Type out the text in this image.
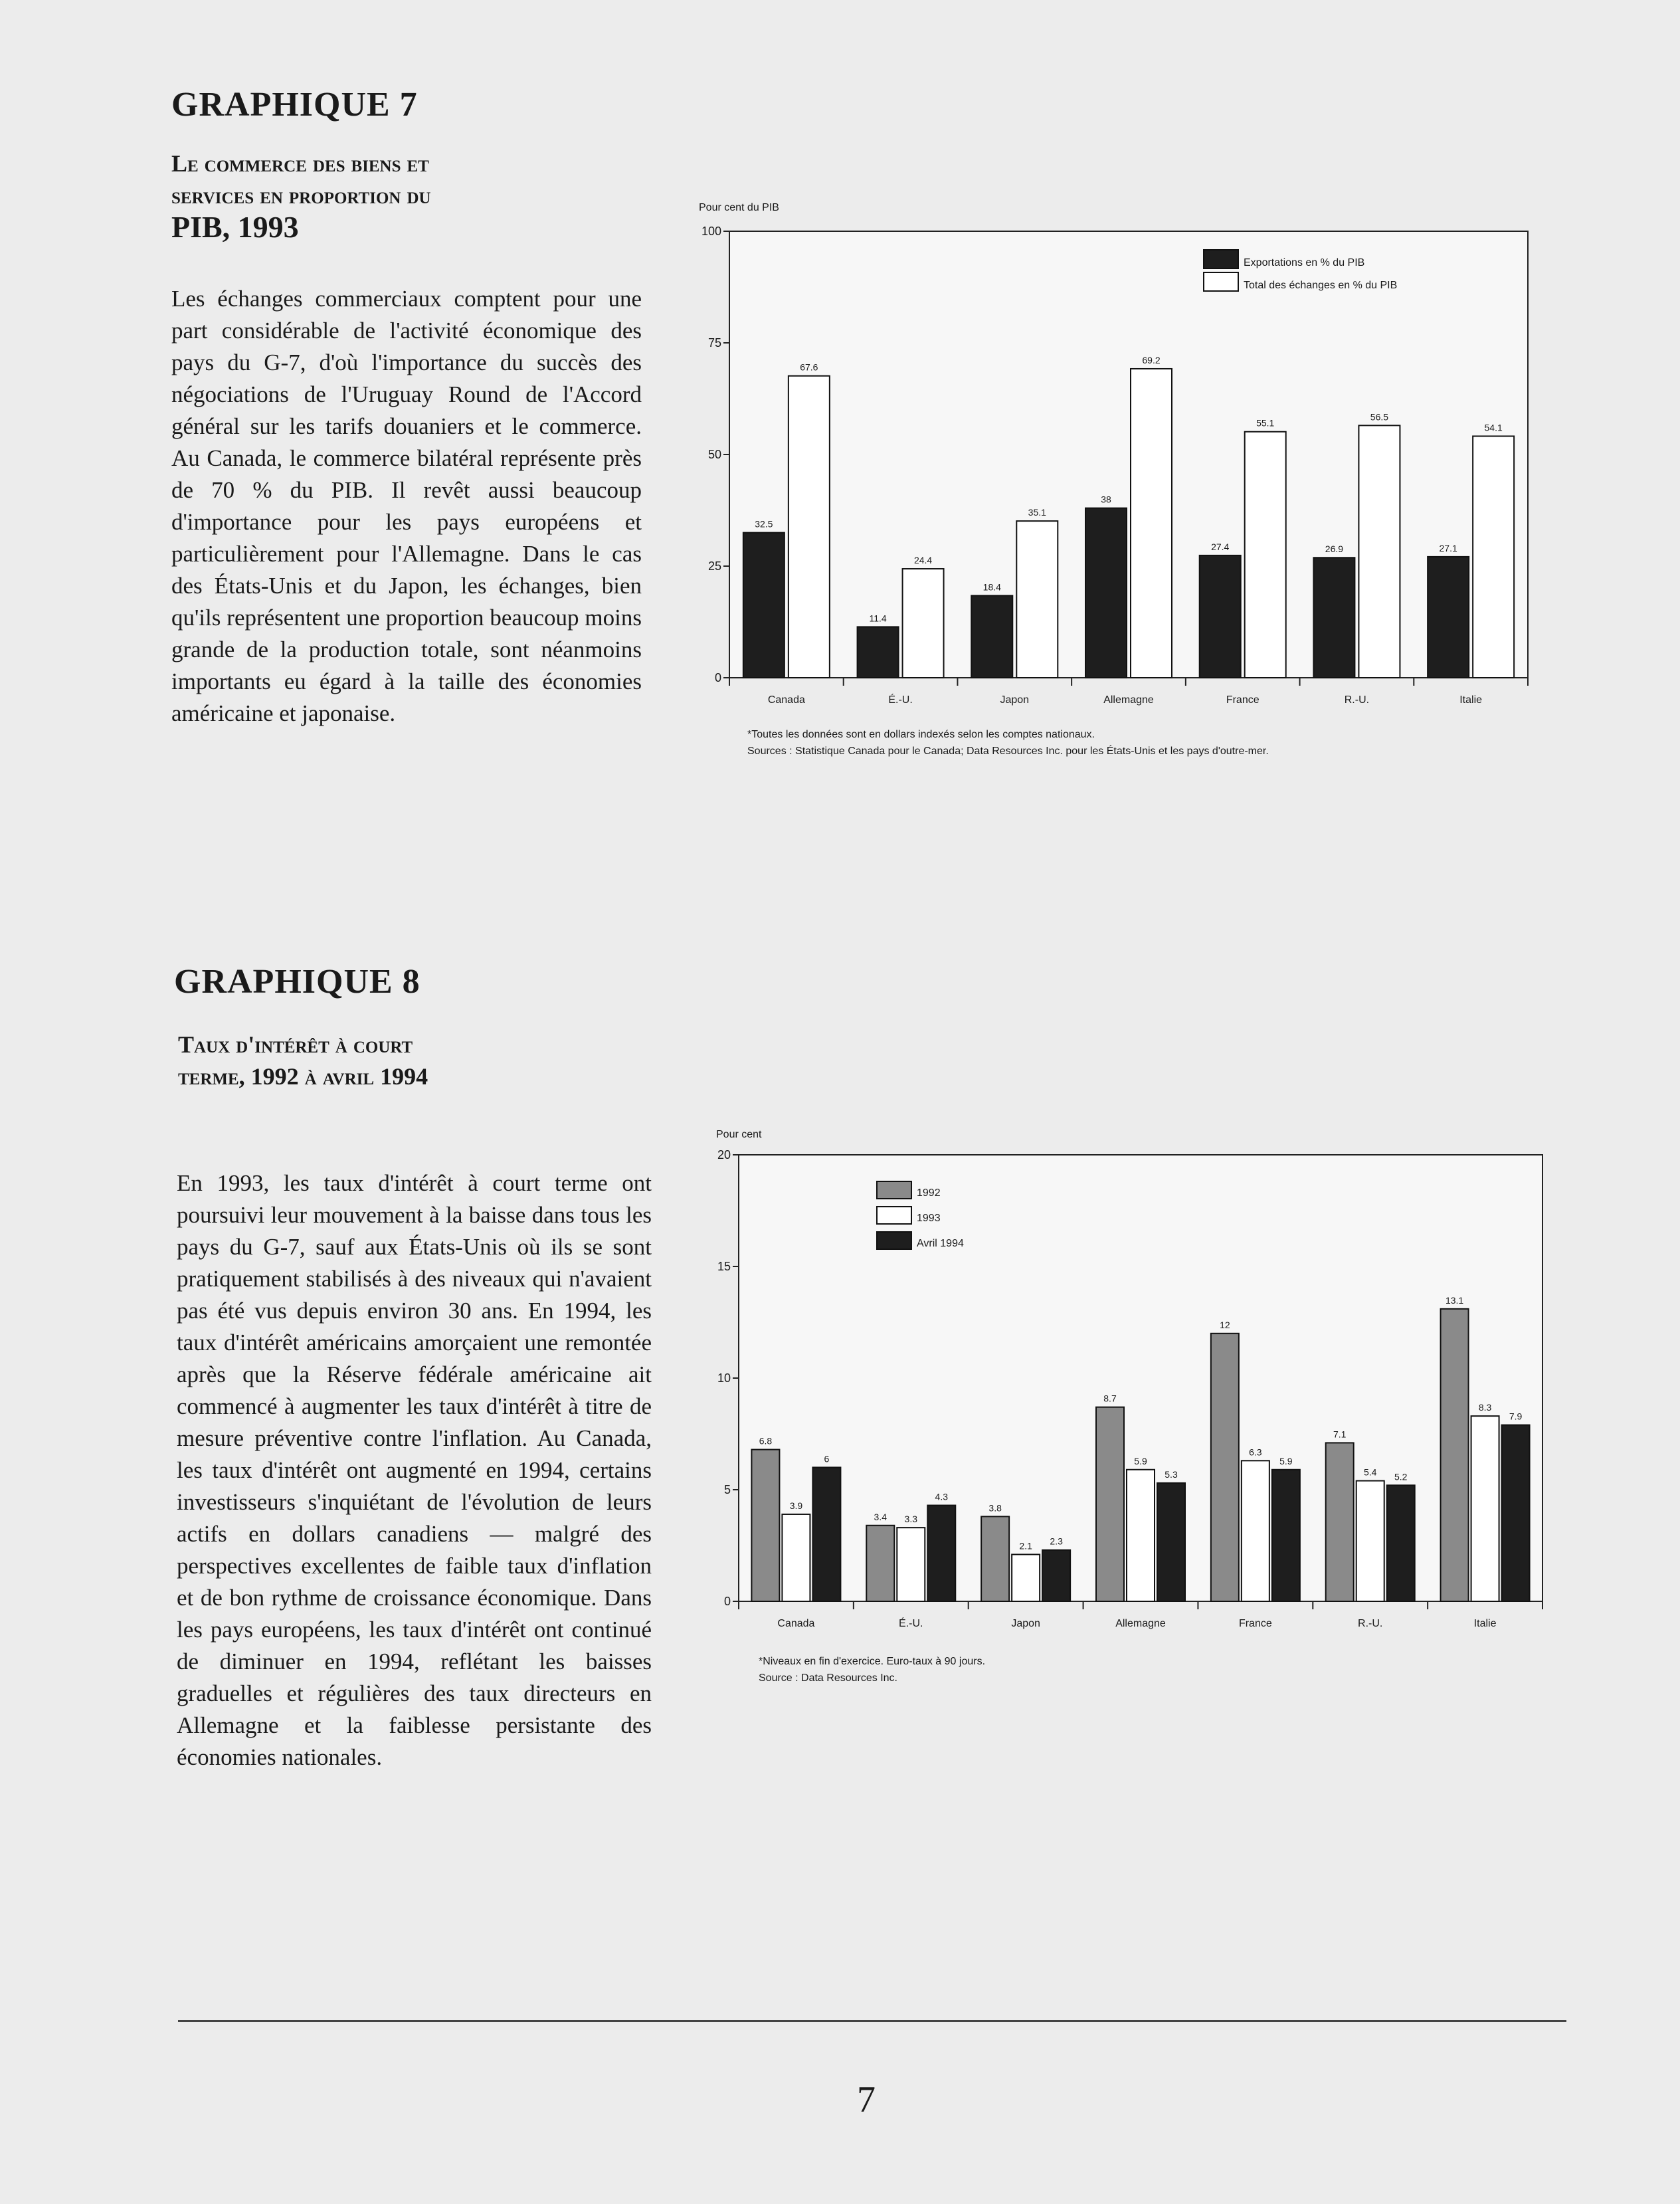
GRAPHIQUE 7
Le commerce des biens et
services en proportion du
PIB, 1993

Les échanges commerciaux comptent pour une part considérable de l'activité économique des pays du G-7, d'où l'importance du succès des négociations de l'Uruguay Round de l'Accord général sur les tarifs douaniers et le commerce. Au Canada, le commerce bilatéral représente près de 70 % du PIB. Il revêt aussi beaucoup d'importance pour les pays européens et particulièrement pour l'Allemagne. Dans le cas des États-Unis et du Japon, les échanges, bien qu'ils représentent une proportion beaucoup moins grande de la production totale, sont néanmoins importants eu égard à la taille des économies américaine et japonaise.

Pour cent du PIB
0
25
50
75
100
Canada
32.5
67.6
É.-U.
11.4
24.4
Japon
18.4
35.1
Allemagne
38
69.2
France
27.4
55.1
R.-U.
26.9
56.5
Italie
27.1
54.1
Exportations en % du PIB
Total des échanges en % du PIB
*Toutes les données sont en dollars indexés selon les comptes nationaux.
Sources : Statistique Canada pour le Canada; Data Resources Inc. pour les États-Unis et les pays d'outre-mer.
GRAPHIQUE 8
Taux d'intérêt à court
terme, 1992 à avril 1994

En 1993, les taux d'intérêt à court terme ont poursuivi leur mouvement à la baisse dans tous les pays du G-7, sauf aux États-Unis où ils se sont pratiquement stabilisés à des niveaux qui n'avaient pas été vus depuis environ 30 ans. En 1994, les taux d'intérêt américains amorçaient une remontée après que la Réserve fédérale américaine ait commencé à augmenter les taux d'intérêt à titre de mesure préventive contre l'inflation. Au Canada, les taux d'intérêt ont augmenté en 1994, certains investisseurs s'inquiétant de l'évolution de leurs actifs en dollars canadiens — malgré des perspectives excellentes de faible taux d'inflation et de bon rythme de croissance économique. Dans les pays européens, les taux d'intérêt ont continué de diminuer en 1994, reflétant les baisses graduelles et régulières des taux directeurs en Allemagne et la faiblesse persistante des économies nationales.

Pour cent
0
5
10
15
20
Canada
6.8
3.9
6
É.-U.
3.4 3.3
4.3
Japon
3.8
2.1 2.3
Allemagne
8.7
5.9
5.3
France
12
6.3
5.9
R.-U.
7.1
5.4 5.2
Italie
13.1
8.3
7.9
1992
1993
Avril 1994
*Niveaux en fin d'exercice. Euro-taux à 90 jours.
Source : Data Resources Inc.
7
